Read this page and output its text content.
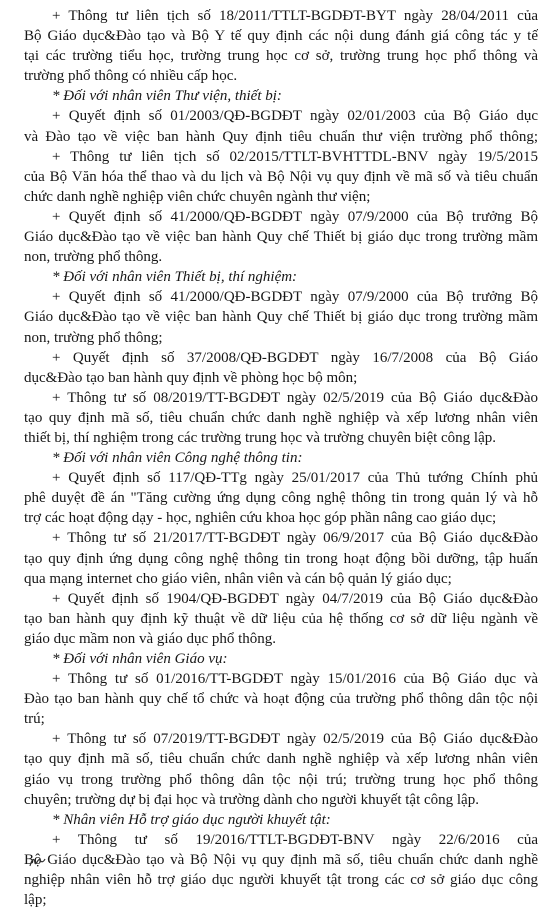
+ Thông tư liên tịch số 18/2011/TTLT-BGDĐT-BYT ngày 28/04/2011 của
Bộ Giáo dục&Đào tạo và Bộ Y tế quy định các nội dung đánh giá công tác y tế
tại các trường tiểu học, trường trung học cơ sở, trường trung học phổ thông và
trường phổ thông có nhiều cấp học.
* Đối với nhân viên Thư viện, thiết bị:
+ Quyết định số 01/2003/QĐ-BGDĐT ngày 02/01/2003 của Bộ Giáo dục
và Đào tạo về việc ban hành Quy định tiêu chuẩn thư viện trường phổ thông;
+ Thông tư liên tịch số 02/2015/TTLT-BVHTTDL-BNV ngày 19/5/2015
của Bộ Văn hóa thể thao và du lịch và Bộ Nội vụ quy định về mã số và tiêu chuẩn
chức danh nghề nghiệp viên chức chuyên ngành thư viện;
+ Quyết định số 41/2000/QĐ-BGDĐT ngày 07/9/2000 của Bộ trưởng Bộ
Giáo dục&Đào tạo về việc ban hành Quy chế Thiết bị giáo dục trong trường mầm
non, trường phổ thông.
* Đối với nhân viên Thiết bị, thí nghiệm:
+ Quyết định số 41/2000/QĐ-BGDĐT ngày 07/9/2000 của Bộ trưởng Bộ
Giáo dục&Đào tạo về việc ban hành Quy chế Thiết bị giáo dục trong trường mầm
non, trường phổ thông;
+ Quyết định số 37/2008/QĐ-BGDĐT ngày 16/7/2008 của Bộ Giáo
dục&Đào tạo ban hành quy định về phòng học bộ môn;
+ Thông tư số 08/2019/TT-BGDĐT ngày 02/5/2019 của Bộ Giáo dục&Đào
tạo quy định mã số, tiêu chuẩn chức danh nghề nghiệp và xếp lương nhân viên
thiết bị, thí nghiệm trong các trường trung học và trường chuyên biệt công lập.
* Đối với nhân viên Công nghệ thông tin:
+ Quyết định số 117/QĐ-TTg ngày 25/01/2017 của Thủ tướng Chính phủ
phê duyệt đề án "Tăng cường ứng dụng công nghệ thông tin trong quản lý và hỗ
trợ các hoạt động dạy - học, nghiên cứu khoa học góp phần nâng cao giáo dục;
+ Thông tư số 21/2017/TT-BGDĐT ngày 06/9/2017 của Bộ Giáo dục&Đào
tạo quy định ứng dụng công nghệ thông tin trong hoạt động bồi dưỡng, tập huấn
qua mạng internet cho giáo viên, nhân viên và cán bộ quản lý giáo dục;
+ Quyết định số 1904/QĐ-BGDĐT ngày 04/7/2019 của Bộ Giáo dục&Đào
tạo ban hành quy định kỹ thuật về dữ liệu của hệ thống cơ sở dữ liệu ngành về
giáo dục mầm non và giáo dục phổ thông.
* Đối với nhân viên Giáo vụ:
+ Thông tư số 01/2016/TT-BGDĐT ngày 15/01/2016 của Bộ Giáo dục và
Đào tạo ban hành quy chế tổ chức và hoạt động của trường phổ thông dân tộc nội
trú;
+ Thông tư số 07/2019/TT-BGDĐT ngày 02/5/2019 của Bộ Giáo dục&Đào
tạo quy định mã số, tiêu chuẩn chức danh nghề nghiệp và xếp lương nhân viên
giáo vụ trong trường phổ thông dân tộc nội trú; trường trung học phổ thông
chuyên; trường dự bị đại học và trường dành cho người khuyết tật công lập.
* Nhân viên Hỗ trợ giáo dục người khuyết tật:
+ Thông tư số 19/2016/TTLT-BGDĐT-BNV ngày 22/6/2016 của
Bộ Giáo dục&Đào tạo và Bộ Nội vụ quy định mã số, tiêu chuẩn chức danh nghề
nghiệp nhân viên hỗ trợ giáo dục người khuyết tật trong các cơ sở giáo dục công
lập;
